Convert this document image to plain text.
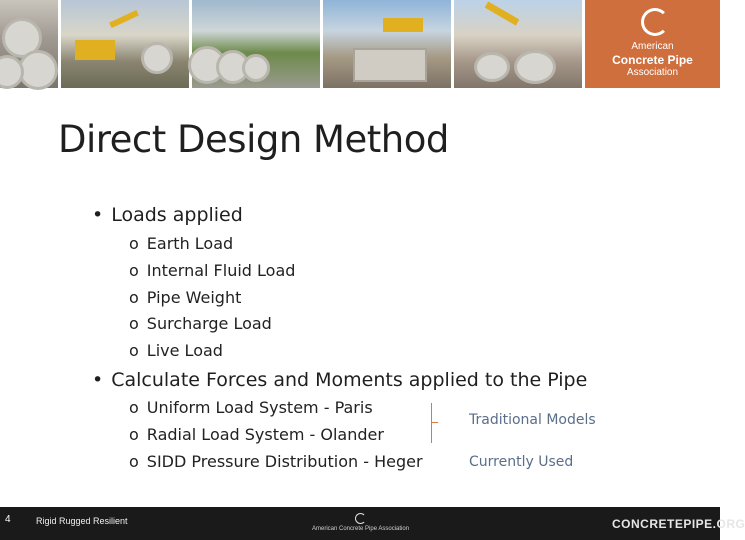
American
Concrete Pipe
Association
Direct Design Method
• Loads applied
o Earth Load
o Internal Fluid Load
o Pipe Weight
o Surcharge Load
o Live Load
• Calculate Forces and Moments applied to the Pipe
o Uniform Load System - Paris
o Radial Load System - Olander
o SIDD Pressure Distribution - Heger
Traditional Models
Currently Used
4	Rigid Rugged Resilient
American Concrete Pipe Association	CONCRETEPIPE.ORG
